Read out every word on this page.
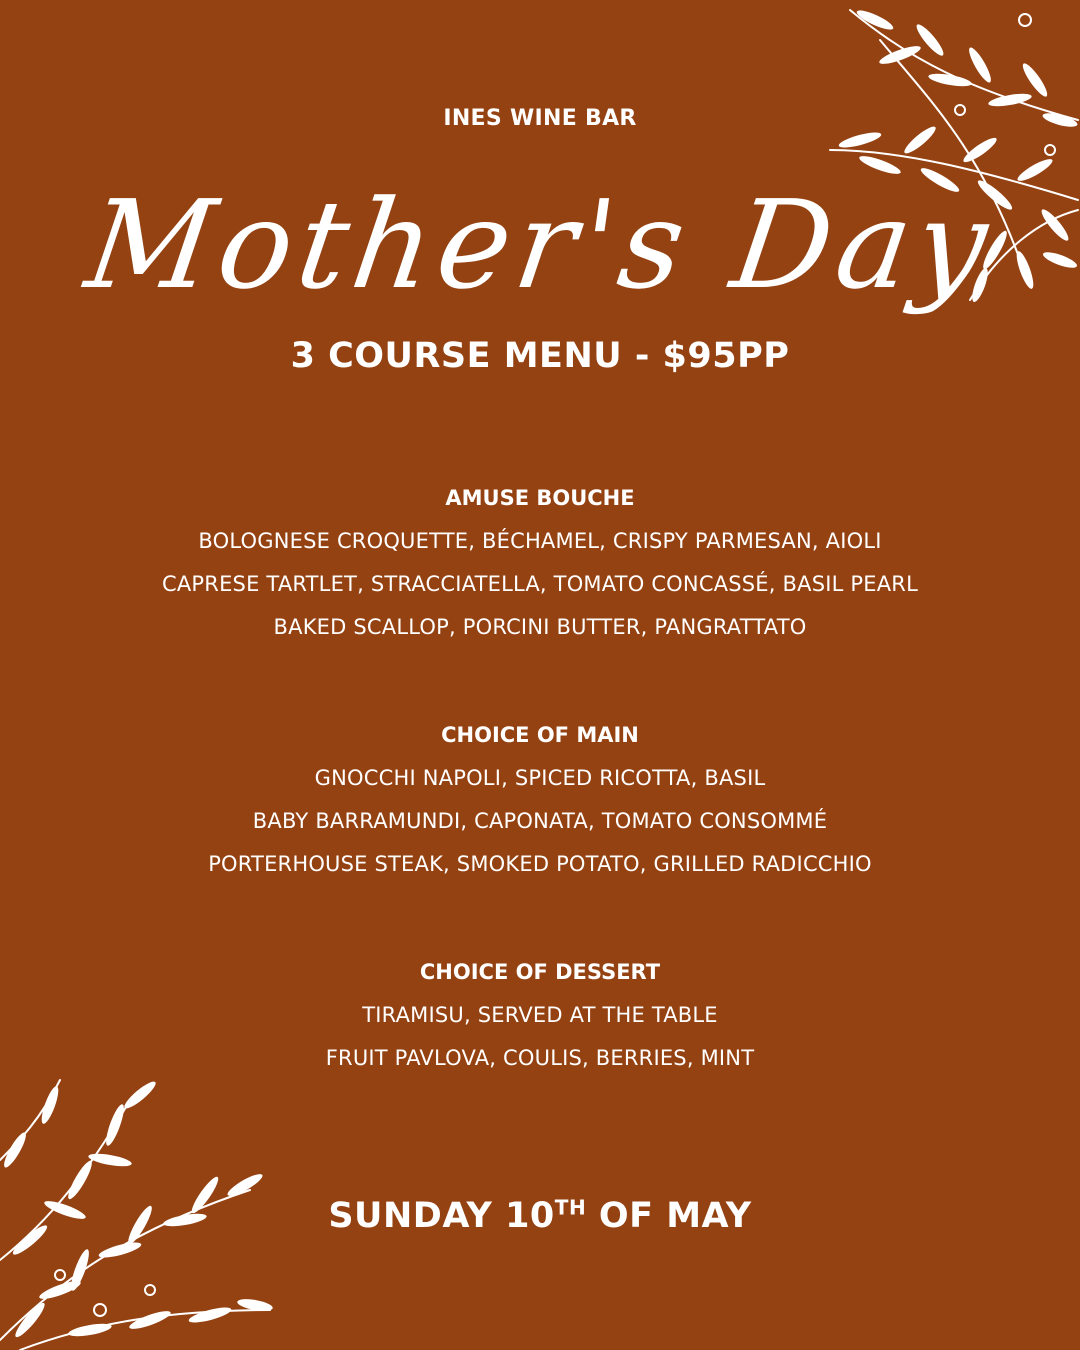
INES WINE BAR
Mother's Day
3 COURSE MENU - $95PP
AMUSE BOUCHE
BOLOGNESE CROQUETTE, BÉCHAMEL, CRISPY PARMESAN, AIOLI
CAPRESE TARTLET, STRACCIATELLA, TOMATO CONCASSÉ, BASIL PEARL
BAKED SCALLOP, PORCINI BUTTER, PANGRATTATO
CHOICE OF MAIN
GNOCCHI NAPOLI, SPICED RICOTTA, BASIL
BABY BARRAMUNDI, CAPONATA, TOMATO CONSOMMÉ
PORTERHOUSE STEAK, SMOKED POTATO, GRILLED RADICCHIO
CHOICE OF DESSERT
TIRAMISU, SERVED AT THE TABLE
FRUIT PAVLOVA, COULIS, BERRIES, MINT
SUNDAY 10TH OF MAY
